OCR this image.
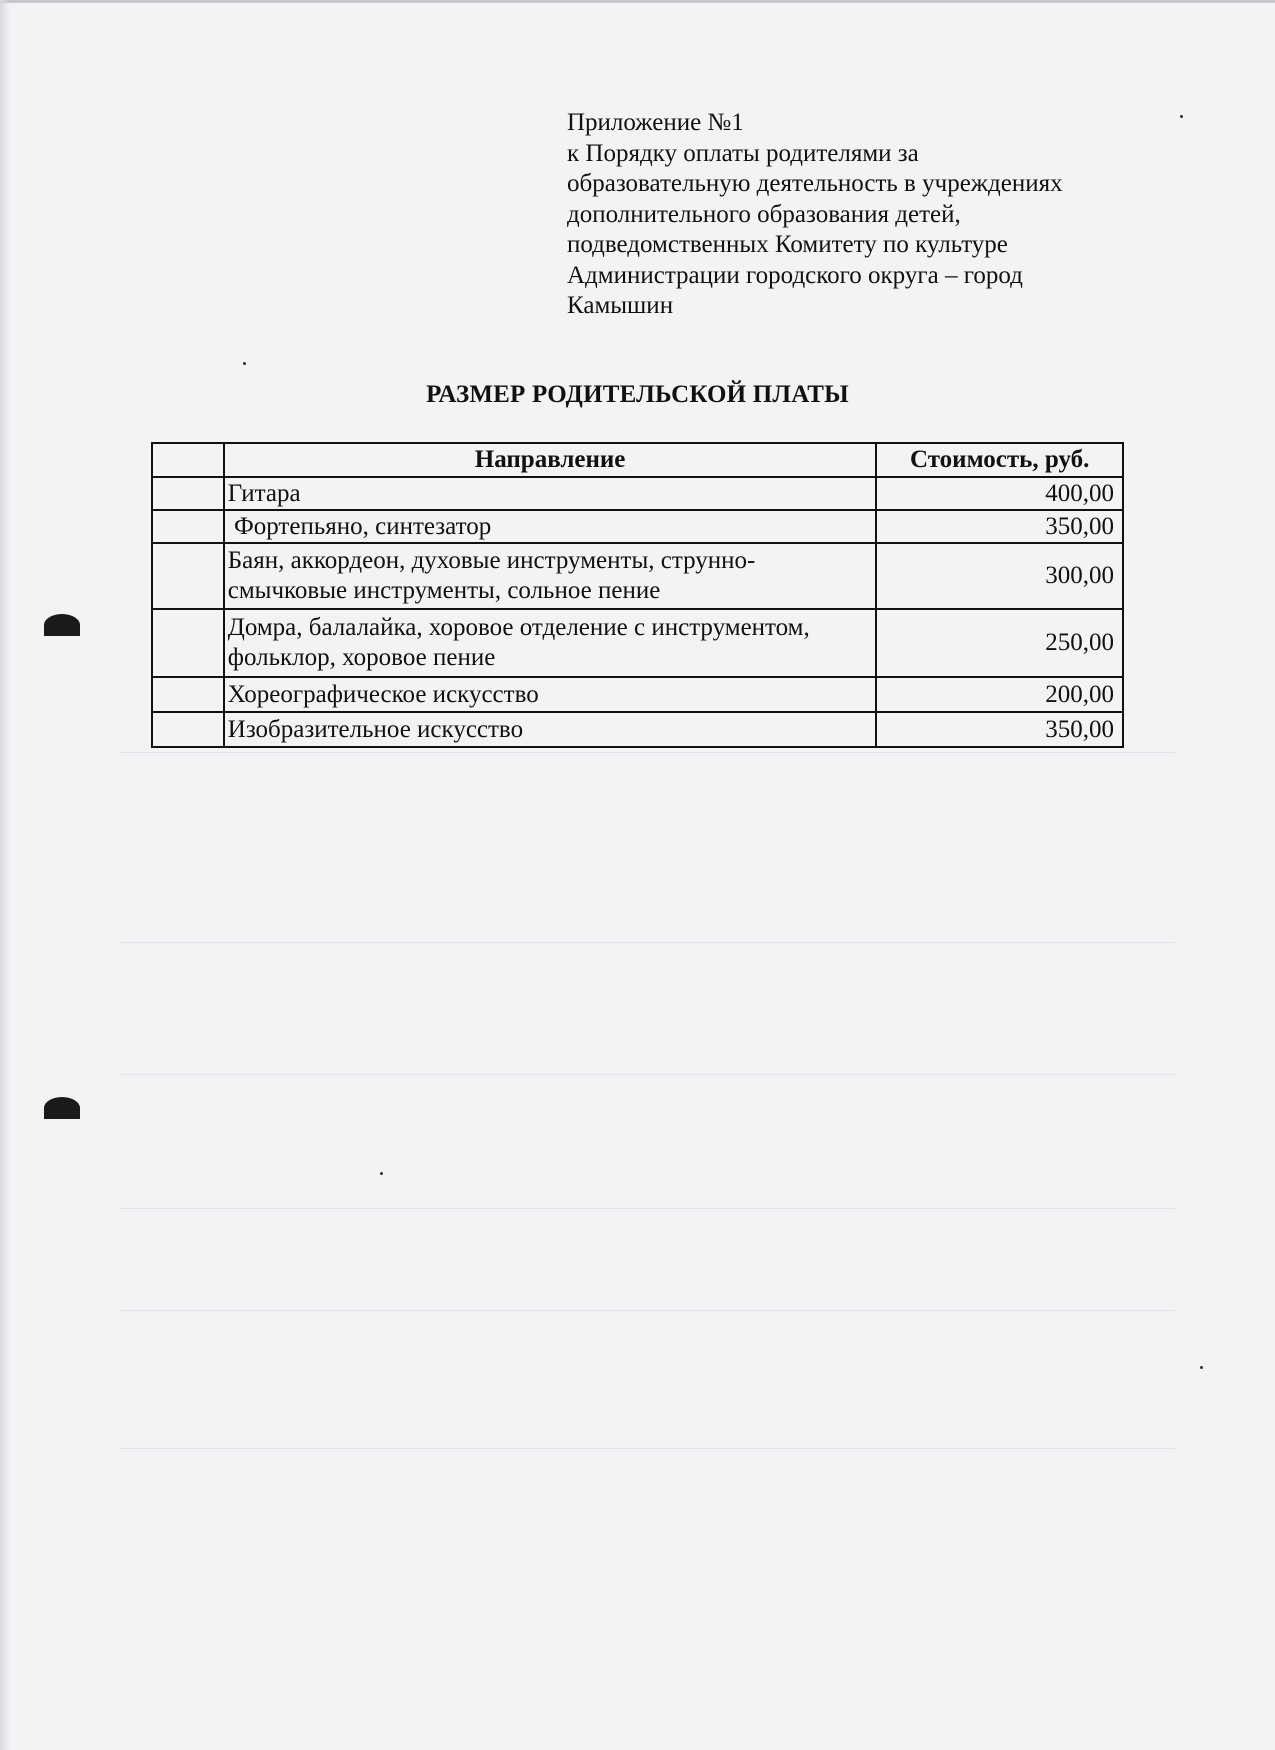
Приложение №1
к Порядку оплаты родителями за
образовательную деятельность в учреждениях
дополнительного образования детей,
подведомственных Комитету по культуре
Администрации городского округа – город
Камышин
РАЗМЕР РОДИТЕЛЬСКОЙ ПЛАТЫ
	Направление	Стоимость, руб.
	Гитара	400,00
	Фортепьяно, синтезатор	350,00

	Баян, аккордеон, духовые инструменты, струнно-
смычковые инструменты, сольное пение	300,00

	Домра, балалайка, хоровое отделение с инструментом,
фольклор, хоровое пение	250,00
	Хореографическое искусство	200,00
	Изобразительное искусство	350,00
